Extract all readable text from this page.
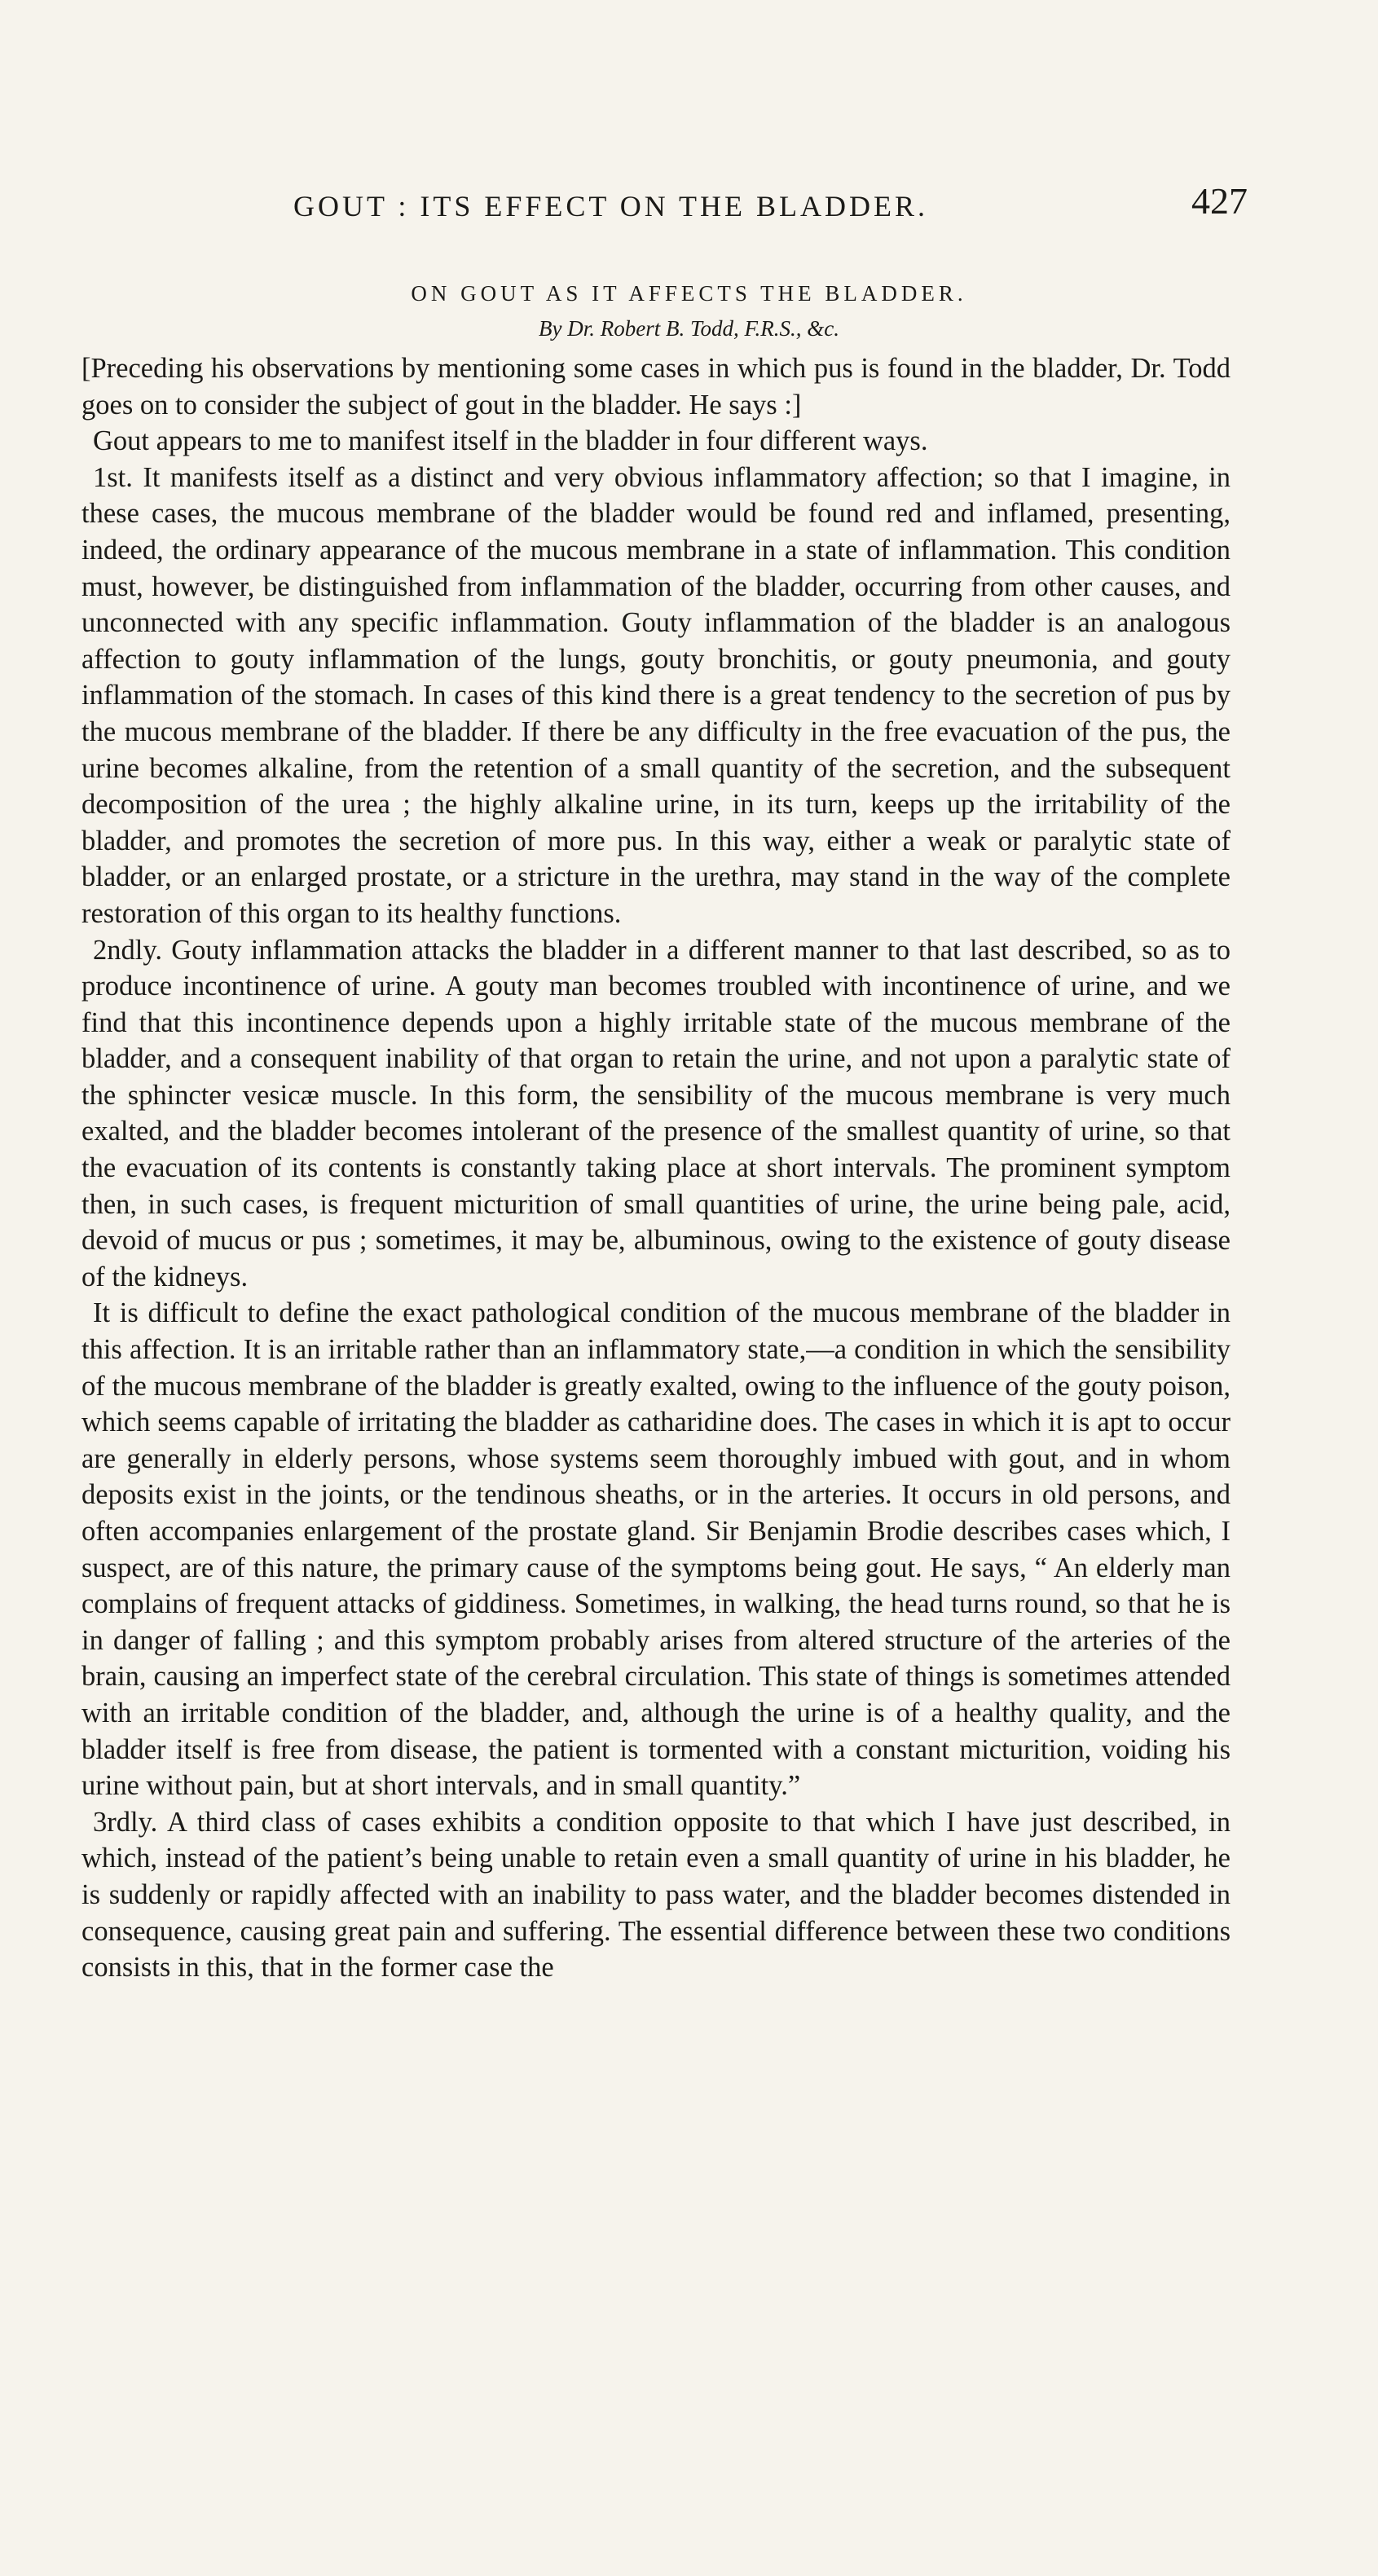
GOUT : ITS EFFECT ON THE BLADDER.	427
ON GOUT AS IT AFFECTS THE BLADDER.
By Dr. Robert B. Todd, F.R.S., &c.

[Preceding his observations by mentioning some cases in which pus is found in the bladder, Dr. Todd goes on to consider the subject of gout in the bladder. He says :]

Gout appears to me to manifest itself in the bladder in four different ways.

1st. It manifests itself as a distinct and very obvious inflammatory affection; so that I imagine, in these cases, the mucous membrane of the bladder would be found red and inflamed, presenting, indeed, the ordinary appearance of the mucous membrane in a state of inflammation. This condition must, however, be distinguished from inflammation of the bladder, occurring from other causes, and unconnected with any specific inflammation. Gouty inflammation of the bladder is an analogous affection to gouty inflammation of the lungs, gouty bronchitis, or gouty pneumonia, and gouty inflammation of the stomach. In cases of this kind there is a great tendency to the secretion of pus by the mucous membrane of the bladder. If there be any difficulty in the free evacuation of the pus, the urine becomes alkaline, from the retention of a small quantity of the secretion, and the subsequent decomposition of the urea ; the highly alkaline urine, in its turn, keeps up the irritability of the bladder, and promotes the secretion of more pus. In this way, either a weak or paralytic state of bladder, or an enlarged prostate, or a stricture in the urethra, may stand in the way of the complete restoration of this organ to its healthy functions.

2ndly. Gouty inflammation attacks the bladder in a different manner to that last described, so as to produce incontinence of urine. A gouty man becomes troubled with incontinence of urine, and we find that this incontinence depends upon a highly irritable state of the mucous membrane of the bladder, and a consequent inability of that organ to retain the urine, and not upon a paralytic state of the sphincter vesicæ muscle. In this form, the sensibility of the mucous membrane is very much exalted, and the bladder becomes intolerant of the presence of the smallest quantity of urine, so that the evacuation of its contents is constantly taking place at short intervals. The prominent symptom then, in such cases, is frequent micturition of small quantities of urine, the urine being pale, acid, devoid of mucus or pus ; sometimes, it may be, albuminous, owing to the existence of gouty disease of the kidneys.

It is difficult to define the exact pathological condition of the mucous membrane of the bladder in this affection. It is an irritable rather than an inflammatory state,—a condition in which the sensibility of the mucous membrane of the bladder is greatly exalted, owing to the influence of the gouty poison, which seems capable of irritating the bladder as catharidine does. The cases in which it is apt to occur are generally in elderly persons, whose systems seem thoroughly imbued with gout, and in whom deposits exist in the joints, or the tendinous sheaths, or in the arteries. It occurs in old persons, and often accompanies enlargement of the prostate gland. Sir Benjamin Brodie describes cases which, I suspect, are of this nature, the primary cause of the symptoms being gout. He says, “ An elderly man complains of frequent attacks of giddiness. Sometimes, in walking, the head turns round, so that he is in danger of falling ; and this symptom probably arises from altered structure of the arteries of the brain, causing an imperfect state of the cerebral circulation. This state of things is sometimes attended with an irritable condition of the bladder, and, although the urine is of a healthy quality, and the bladder itself is free from disease, the patient is tormented with a constant micturition, voiding his urine without pain, but at short intervals, and in small quantity.”

3rdly. A third class of cases exhibits a condition opposite to that which I have just described, in which, instead of the patient’s being unable to retain even a small quantity of urine in his bladder, he is suddenly or rapidly affected with an inability to pass water, and the bladder becomes distended in consequence, causing great pain and suffering. The essential difference between these two conditions consists in this, that in the former case the
